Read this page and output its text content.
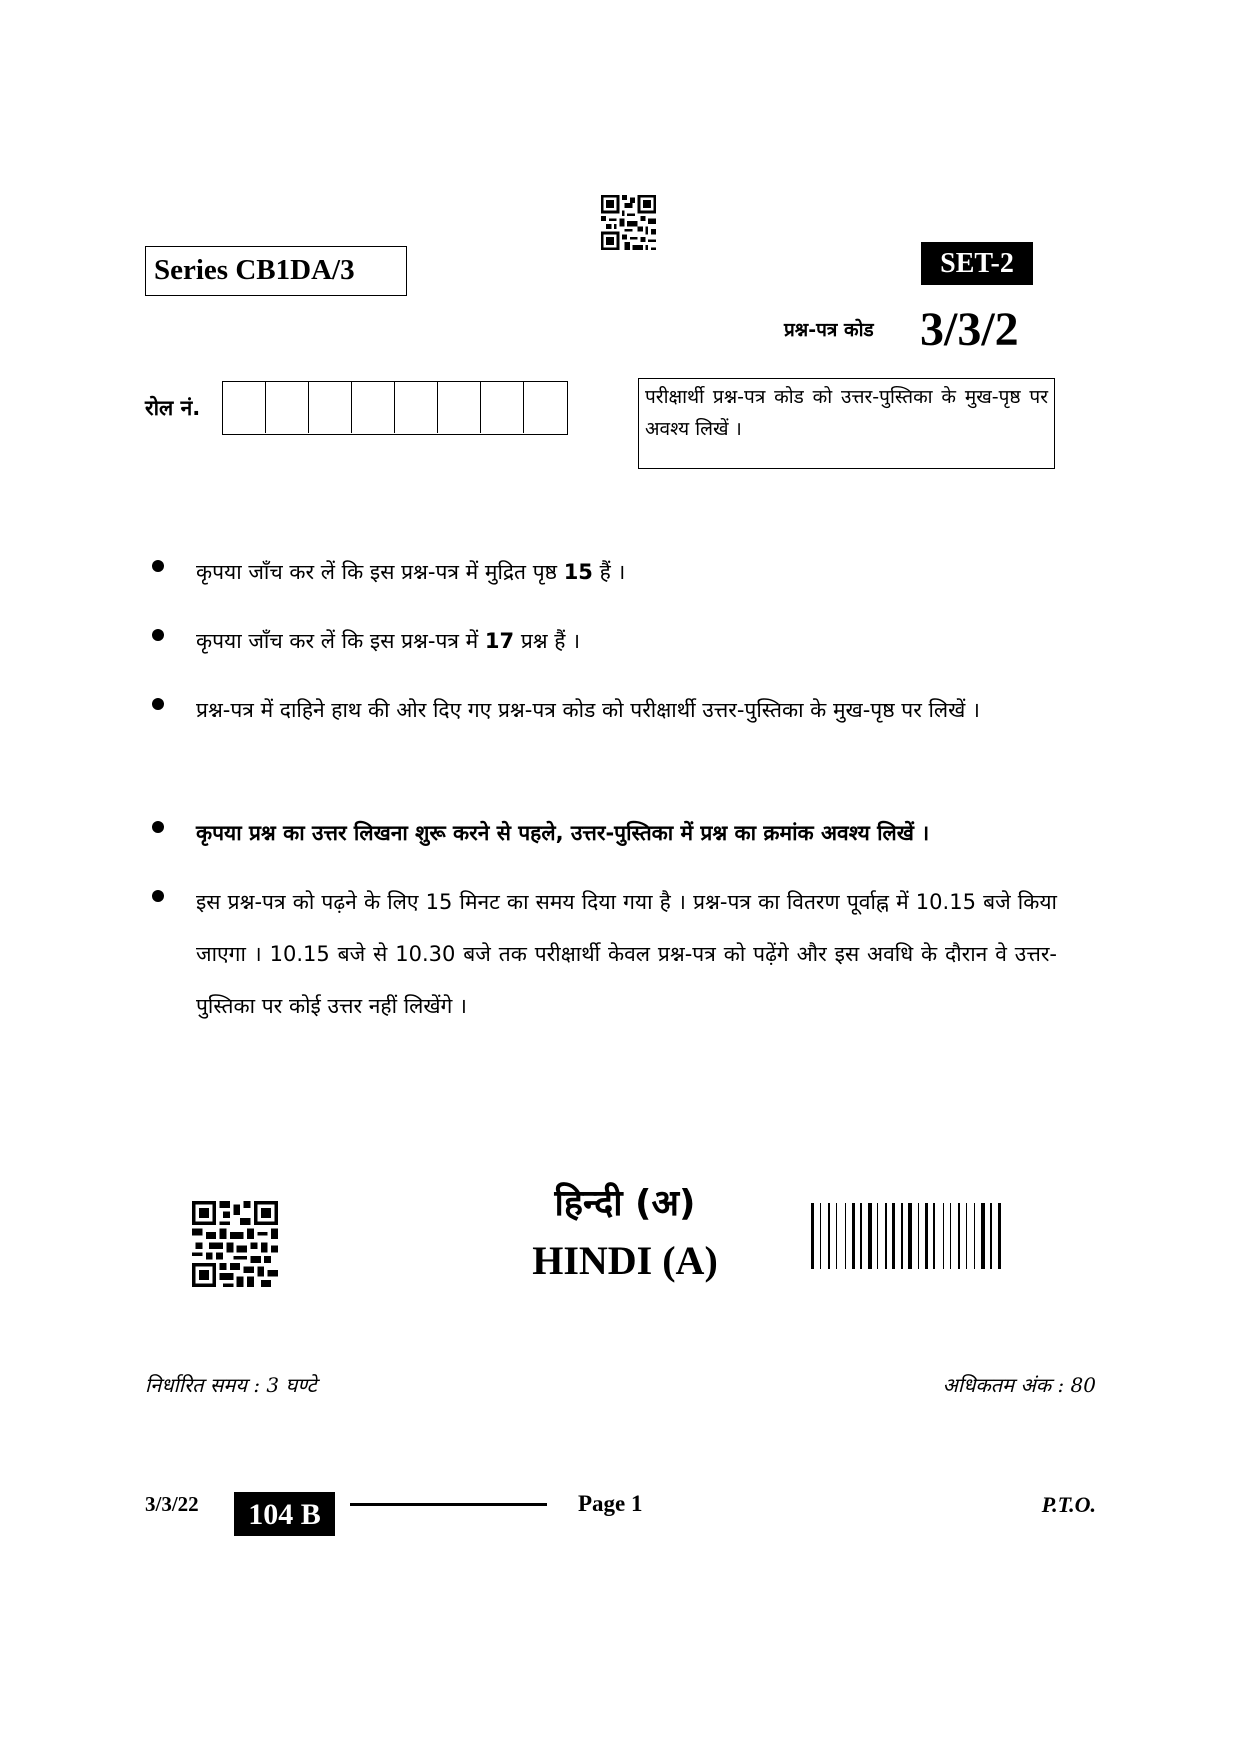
Series CB1DA/3	SET-2
प्रश्न-पत्र कोड 3/3/2
रोल नं.	परीक्षार्थी प्रश्न-पत्र कोड को उत्तर-पुस्तिका के मुख-पृष्ठ पर अवश्य लिखें ।
कृपया जाँच कर लें कि इस प्रश्न-पत्र में मुद्रित पृष्ठ 15 हैं ।
कृपया जाँच कर लें कि इस प्रश्न-पत्र में 17 प्रश्न हैं ।
प्रश्न-पत्र में दाहिने हाथ की ओर दिए गए प्रश्न-पत्र कोड को परीक्षार्थी उत्तर-पुस्तिका के मुख-पृष्ठ पर लिखें ।
कृपया प्रश्न का उत्तर लिखना शुरू करने से पहले, उत्तर-पुस्तिका में प्रश्न का क्रमांक अवश्य लिखें ।
इस प्रश्न-पत्र को पढ़ने के लिए 15 मिनट का समय दिया गया है । प्रश्न-पत्र का वितरण पूर्वाह्न में 10.15 बजे किया जाएगा । 10.15 बजे से 10.30 बजे तक परीक्षार्थी केवल प्रश्न-पत्र को पढ़ेंगे और इस अवधि के दौरान वे उत्तर-पुस्तिका पर कोई उत्तर नहीं लिखेंगे ।
हिन्दी (अ)
HINDI (A)
निर्धारित समय : 3 घण्टे	अधिकतम अंक : 80
3/3/22	104 B	Page 1	P.T.O.
